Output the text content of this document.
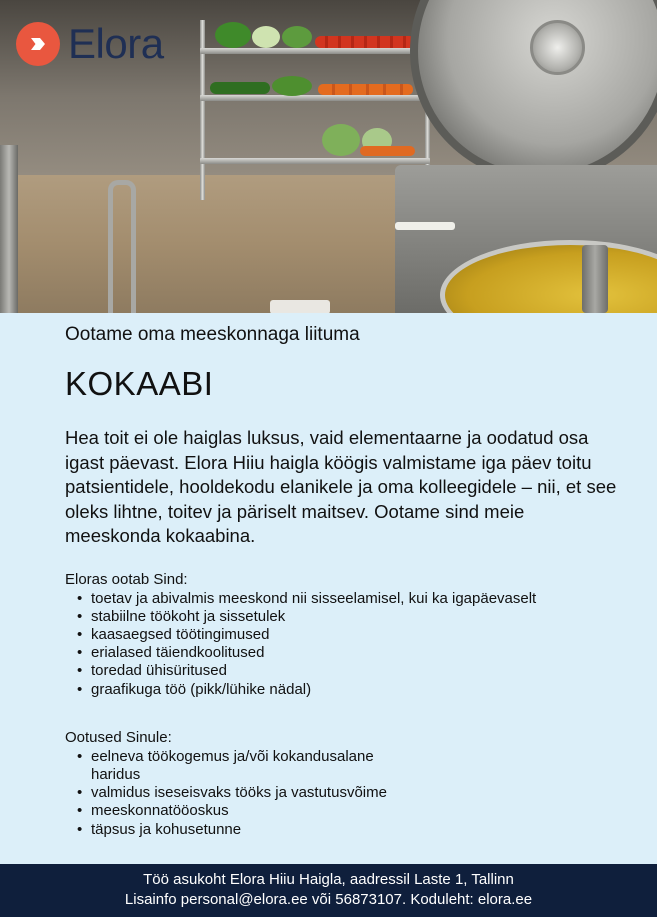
Elora

Ootame oma meeskonnaga liituma

KOKAABI

Hea toit ei ole haiglas luksus, vaid elementaarne ja oodatud osa igast päevast. Elora Hiiu haigla köögis valmistame iga päev toitu patsientidele, hooldekodu elanikele ja oma kolleegidele – nii, et see oleks lihtne, toitev ja päriselt maitsev. Ootame sind meie meeskonda kokaabina.

Eloras ootab Sind:

• toetav ja abivalmis meeskond nii sisseelamisel, kui ka igapäevaselt
• stabiilne töökoht ja sissetulek
• kaasaegsed töötingimused
• erialased täiendkoolitused
• toredad ühisüritused
• graafikuga töö (pikk/lühike nädal)

Ootused Sinule:

• eelneva töökogemus ja/või kokandusalane haridus
• valmidus iseseisvaks tööks ja vastutusvõime
• meeskonnatööoskus
• täpsus ja kohusetunne

Töö asukoht Elora Hiiu Haigla, aadressil Laste 1, Tallinn

Lisainfo personal@elora.ee või 56873107. Koduleht: elora.ee
